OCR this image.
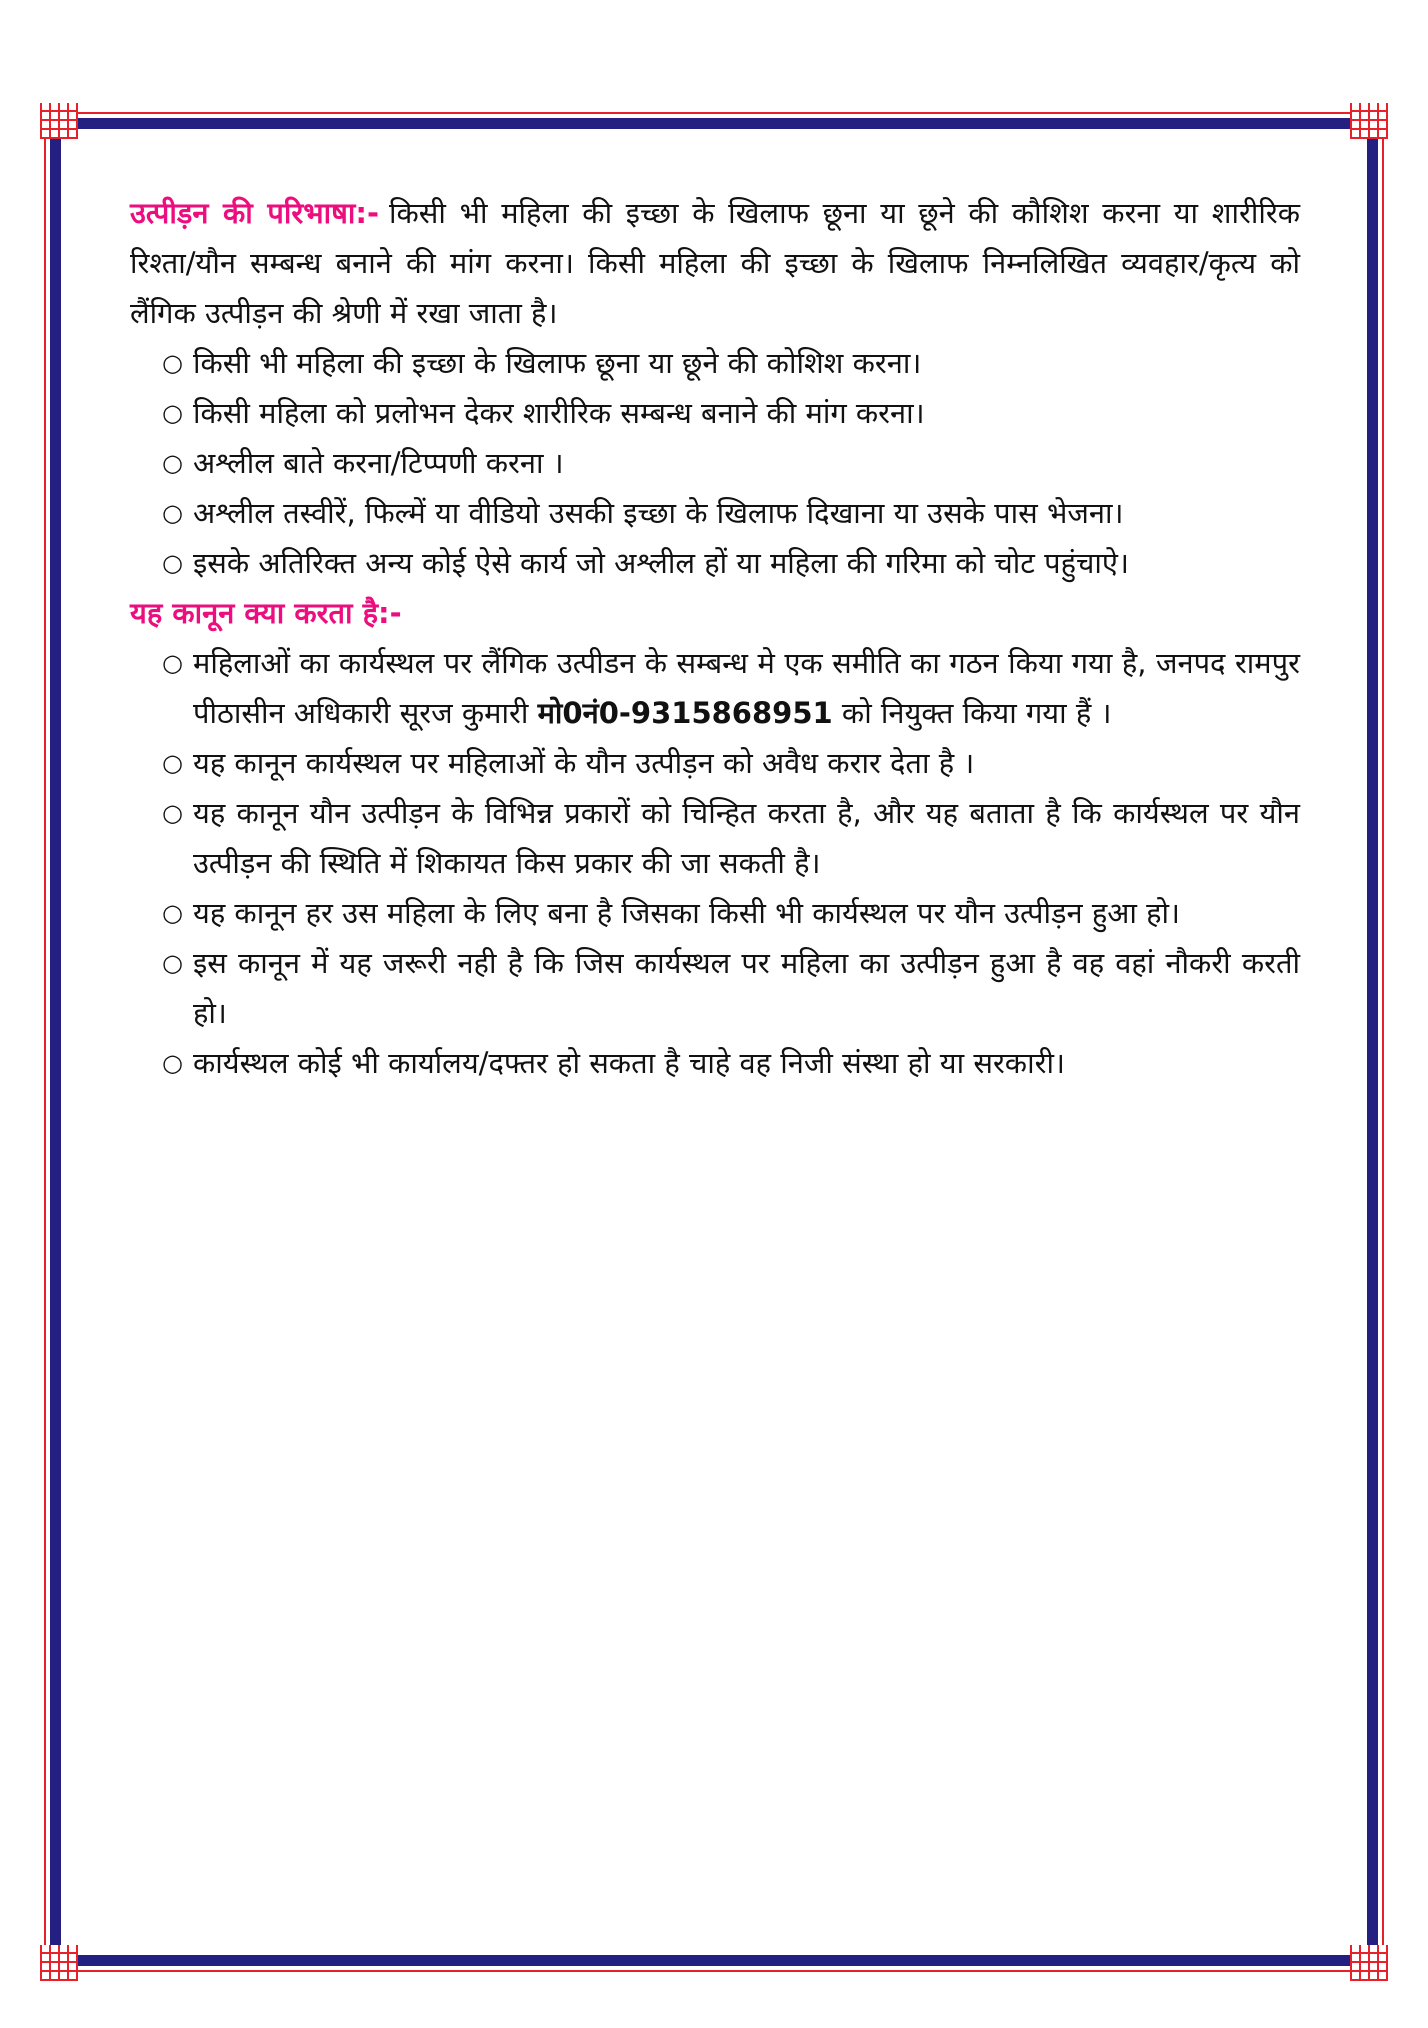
उत्पीड़न की परिभाषा:- किसी भी महिला की इच्छा के खिलाफ छूना या छूने की कौशिश करना या शारीरिक रिश्ता/यौन सम्बन्ध बनाने की मांग करना। किसी महिला की इच्छा के खिलाफ निम्नलिखित व्यवहार/कृत्य को लैंगिक उत्पीड़न की श्रेणी में रखा जाता है।

○ किसी भी महिला की इच्छा के खिलाफ छूना या छूने की कोशिश करना।
○ किसी महिला को प्रलोभन देकर शारीरिक सम्बन्ध बनाने की मांग करना।
○ अश्लील बाते करना/टिप्पणी करना ।
○ अश्लील तस्वीरें, फिल्में या वीडियो उसकी इच्छा के खिलाफ दिखाना या उसके पास भेजना।
○ इसके अतिरिक्त अन्य कोई ऐसे कार्य जो अश्लील हों या महिला की गरिमा को चोट पहुंचाऐ।

यह कानून क्या करता है:-

○ महिलाओं का कार्यस्थल पर लैंगिक उत्पीडन के सम्बन्ध मे एक समीति का गठन किया गया है, जनपद रामपुर पीठासीन अधिकारी सूरज कुमारी मो0नं0-9315868951 को नियुक्त किया गया हैं ।
○ यह कानून कार्यस्थल पर महिलाओं के यौन उत्पीड़न को अवैध करार देता है ।
○ यह कानून यौन उत्पीड़न के विभिन्न प्रकारों को चिन्हित करता है, और यह बताता है कि कार्यस्थल पर यौन उत्पीड़न की स्थिति में शिकायत किस प्रकार की जा सकती है।
○ यह कानून हर उस महिला के लिए बना है जिसका किसी भी कार्यस्थल पर यौन उत्पीड़न हुआ हो।
○ इस कानून में यह जरूरी नही है कि जिस कार्यस्थल पर महिला का उत्पीड़न हुआ है वह वहां नौकरी करती हो।
○ कार्यस्थल कोई भी कार्यालय/दफ्तर हो सकता है चाहे वह निजी संस्था हो या सरकारी।
